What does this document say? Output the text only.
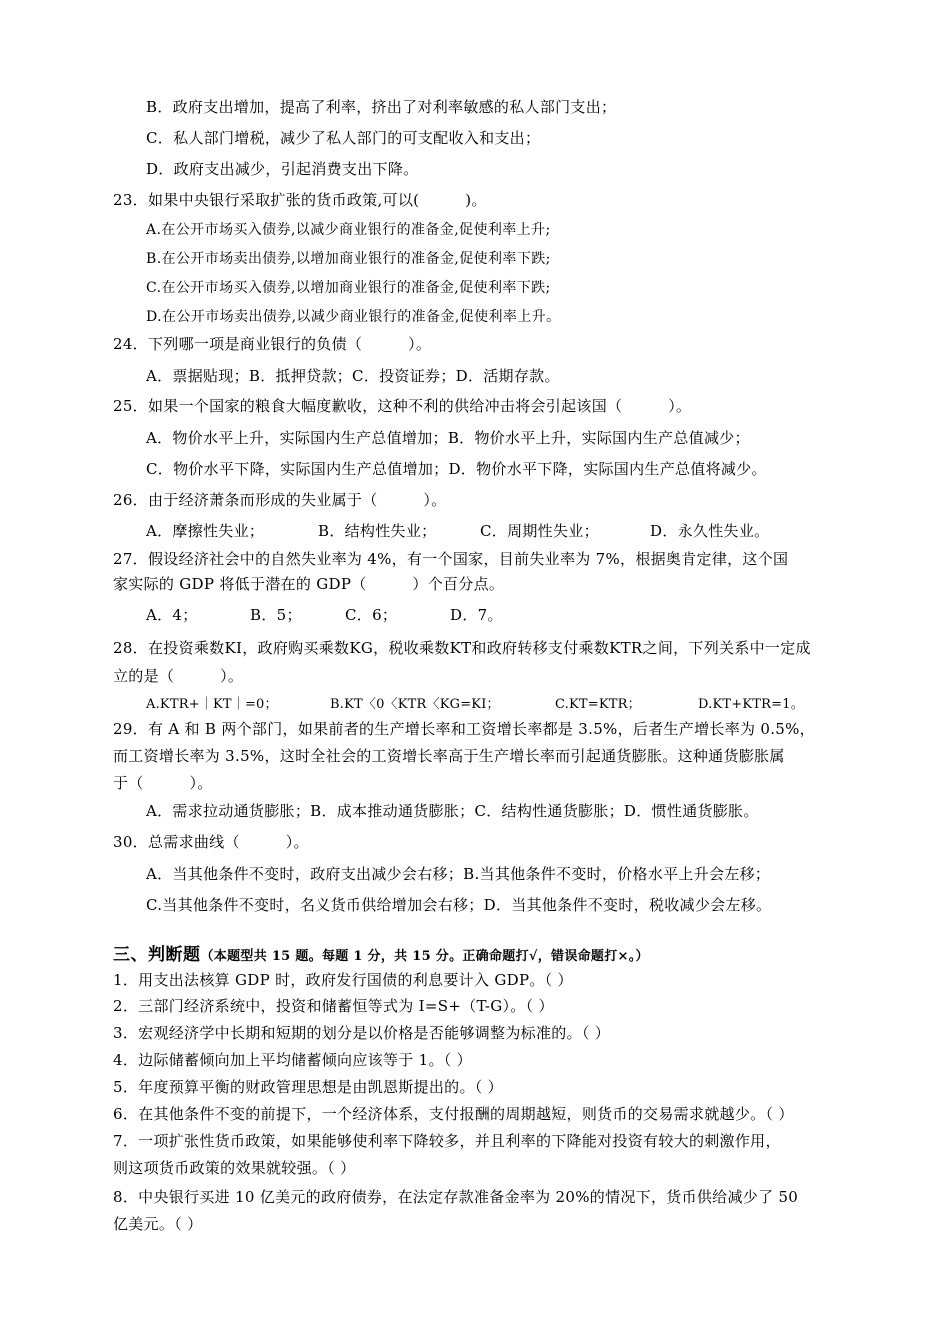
B．政府支出增加，提高了利率，挤出了对利率敏感的私人部门支出；
C．私人部门增税，减少了私人部门的可支配收入和支出；
D．政府支出减少，引起消费支出下降。
23．如果中央银行采取扩张的货币政策,可以(　　　)。
A.在公开市场买入债券,以减少商业银行的准备金,促使利率上升;
B.在公开市场卖出债券,以增加商业银行的准备金,促使利率下跌;
C.在公开市场买入债券,以增加商业银行的准备金,促使利率下跌;
D.在公开市场卖出债券,以减少商业银行的准备金,促使利率上升。
24．下列哪一项是商业银行的负债（　　　）。
A．票据贴现；B．抵押贷款；C．投资证券；D．活期存款。
25．如果一个国家的粮食大幅度歉收，这种不利的供给冲击将会引起该国（　　　）。
A．物价水平上升，实际国内生产总值增加；B．物价水平上升，实际国内生产总值减少；
C．物价水平下降，实际国内生产总值增加；D．物价水平下降，实际国内生产总值将减少。
26．由于经济萧条而形成的失业属于（　　　）。
A．摩擦性失业；	B．结构性失业；	C．周期性失业；	D．永久性失业。
27．假设经济社会中的自然失业率为 4%，有一个国家，目前失业率为 7%，根据奥肯定律，这个国
家实际的 GDP 将低于潜在的 GDP（　　　）个百分点。
A．4；	B．5；	C．6；	D．7。
28．在投资乘数KI，政府购买乘数KG，税收乘数KT和政府转移支付乘数KTR之间，下列关系中一定成
立的是（　　　）。
A.KTR+｜KT｜=0；	B.KT〈0〈KTR〈KG=KI；	C.KT=KTR；	D.KT+KTR=1。
29．有 A 和 B 两个部门，如果前者的生产增长率和工资增长率都是 3.5%，后者生产增长率为 0.5%，
而工资增长率为 3.5%，这时全社会的工资增长率高于生产增长率而引起通货膨胀。这种通货膨胀属
于（　　　）。
A．需求拉动通货膨胀；B．成本推动通货膨胀；C．结构性通货膨胀；D．惯性通货膨胀。
30．总需求曲线（　　　）。
A．当其他条件不变时，政府支出减少会右移；B.当其他条件不变时，价格水平上升会左移；
C.当其他条件不变时，名义货币供给增加会右移；D．当其他条件不变时，税收减少会左移。
三、判断题（本题型共 15 题。每题 1 分，共 15 分。正确命题打√，错误命题打×。）
1．用支出法核算 GDP 时，政府发行国债的利息要计入 GDP。（ ）
2．三部门经济系统中，投资和储蓄恒等式为 I=S+（T-G）。（ ）
3．宏观经济学中长期和短期的划分是以价格是否能够调整为标准的。（ ）
4．边际储蓄倾向加上平均储蓄倾向应该等于 1。（ ）
5．年度预算平衡的财政管理思想是由凯恩斯提出的。（ ）
6．在其他条件不变的前提下，一个经济体系，支付报酬的周期越短，则货币的交易需求就越少。（ ）
7．一项扩张性货币政策，如果能够使利率下降较多，并且利率的下降能对投资有较大的刺激作用，
则这项货币政策的效果就较强。（ ）
8．中央银行买进 10 亿美元的政府债券，在法定存款准备金率为 20%的情况下，货币供给减少了 50
亿美元。（ ）
